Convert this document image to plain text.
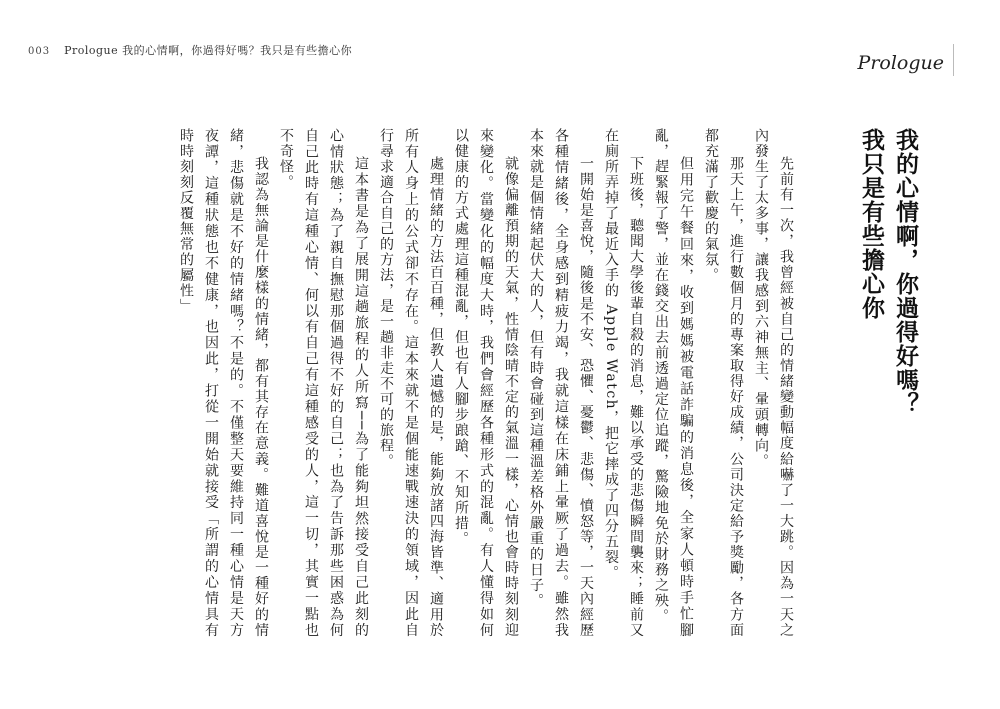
003 Prologue 我的心情啊，你過得好嗎？我只是有些擔心你
Prologue
我的心情啊，你過得好嗎？
我只是有些擔心你

先前有一次，我曾經被自己的情緒變動幅度給嚇了一大跳。因為一天之內發生了太多事，讓我感到六神無主、暈頭轉向。

那天上午，進行數個月的專案取得好成績，公司決定給予獎勵，各方面都充滿了歡慶的氣氛。

但用完午餐回來，收到媽媽被電話詐騙的消息後，全家人頓時手忙腳亂，趕緊報了警，並在錢交出去前透過定位追蹤，驚險地免於財務之殃。

下班後，聽聞大學後輩自殺的消息，難以承受的悲傷瞬間襲來；睡前又在廁所弄掉了最近入手的 Apple Watch，把它摔成了四分五裂。

一開始是喜悅，隨後是不安、恐懼、憂鬱、悲傷、憤怒等，一天內經歷各種情緒後，全身感到精疲力竭，我就這樣在床鋪上暈厥了過去。雖然我本來就是個情緒起伏大的人，但有時會碰到這種溫差格外嚴重的日子。

就像偏離預期的天氣，性情陰晴不定的氣溫一樣，心情也會時時刻刻迎來變化。當變化的幅度大時，我們會經歷各種形式的混亂。有人懂得如何以健康的方式處理這種混亂，但也有人腳步踉蹌、不知所措。

處理情緒的方法百百種，但教人遺憾的是，能夠放諸四海皆準、適用於所有人身上的公式卻不存在。這本來就不是個能速戰速決的領域，因此自行尋求適合自己的方法，是一趟非走不可的旅程。

這本書是為了展開這趟旅程的人所寫──為了能夠坦然接受自己此刻的心情狀態；為了親自撫慰那個過得不好的自己；也為了告訴那些困惑為何自己此時有這種心情、何以有自己有這種感受的人，這一切，其實一點也不奇怪。

我認為無論是什麼樣的情緒，都有其存在意義。難道喜悅是一種好的情緒，悲傷就是不好的情緒嗎？不是的。不僅整天要維持同一種心情是天方夜譚，這種狀態也不健康，也因此，打從一開始就接受「所謂的心情具有時時刻刻反覆無常的屬性」
